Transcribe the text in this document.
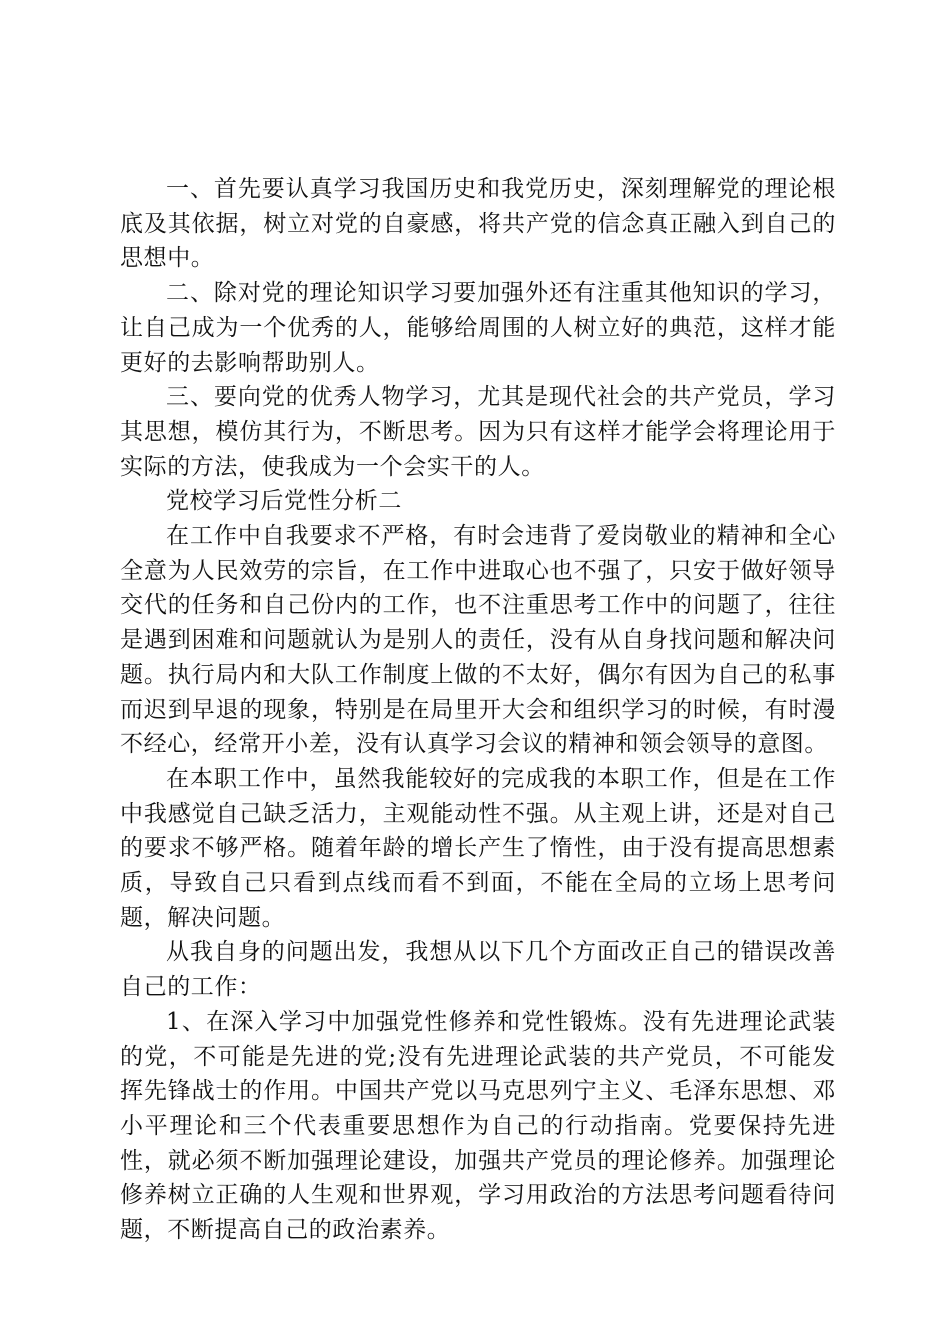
一、首先要认真学习我国历史和我党历史，深刻理解党的理论根底及其依据，树立对党的自豪感，将共产党的信念真正融入到自己的思想中。

二、除对党的理论知识学习要加强外还有注重其他知识的学习，让自己成为一个优秀的人，能够给周围的人树立好的典范，这样才能更好的去影响帮助别人。

三、要向党的优秀人物学习，尤其是现代社会的共产党员，学习其思想，模仿其行为，不断思考。因为只有这样才能学会将理论用于实际的方法，使我成为一个会实干的人。

党校学习后党性分析二

在工作中自我要求不严格，有时会违背了爱岗敬业的精神和全心全意为人民效劳的宗旨，在工作中进取心也不强了，只安于做好领导交代的任务和自己份内的工作，也不注重思考工作中的问题了，往往是遇到困难和问题就认为是别人的责任，没有从自身找问题和解决问题。执行局内和大队工作制度上做的不太好，偶尔有因为自己的私事而迟到早退的现象，特别是在局里开大会和组织学习的时候，有时漫不经心，经常开小差，没有认真学习会议的精神和领会领导的意图。

在本职工作中，虽然我能较好的完成我的本职工作，但是在工作中我感觉自己缺乏活力，主观能动性不强。从主观上讲，还是对自己的要求不够严格。随着年龄的增长产生了惰性，由于没有提高思想素质，导致自己只看到点线而看不到面，不能在全局的立场上思考问题，解决问题。

从我自身的问题出发，我想从以下几个方面改正自己的错误改善自己的工作：

1、在深入学习中加强党性修养和党性锻炼。没有先进理论武装的党，不可能是先进的党;没有先进理论武装的共产党员，不可能发挥先锋战士的作用。中国共产党以马克思列宁主义、毛泽东思想、邓小平理论和三个代表重要思想作为自己的行动指南。党要保持先进性，就必须不断加强理论建设，加强共产党员的理论修养。加强理论修养树立正确的人生观和世界观，学习用政治的方法思考问题看待问题，不断提高自己的政治素养。
